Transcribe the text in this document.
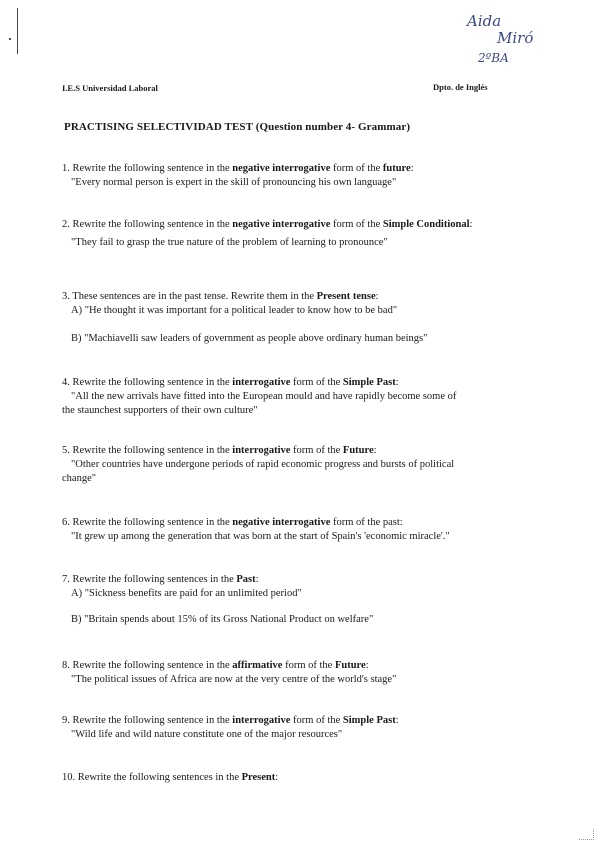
Aida
Miró
2ºBA
I.E.S Universidad Laboral	Dpto. de Inglés
PRACTISING SELECTIVIDAD TEST (Question number 4- Grammar)
1. Rewrite the following sentence in the negative interrogative form of the future:
"Every normal person is expert in the skill of pronouncing his own language"
2. Rewrite the following sentence in the negative interrogative form of the Simple Conditional:
"They fail to grasp the true nature of the problem of learning to pronounce"
3. These sentences are in the past tense. Rewrite them in the Present tense:
A) "He thought it was important for a political leader to know how to be bad"
B) "Machiavelli saw leaders of government as people above ordinary human beings"
4. Rewrite the following sentence in the interrogative form of the Simple Past:
"All the new arrivals have fitted into the European mould and have rapidly become some of
the staunchest supporters of their own culture"
5. Rewrite the following sentence in the interrogative form of the Future:
"Other countries have undergone periods of rapid economic progress and bursts of political
change"
6. Rewrite the following sentence in the negative interrogative form of the past:
"It grew up among the generation that was born at the start of Spain's 'economic miracle'."
7. Rewrite the following sentences in the Past:
A) "Sickness benefits are paid for an unlimited period"
B) "Britain spends about 15% of its Gross National Product on welfare"
8. Rewrite the following sentence in the affirmative form of the Future:
"The political issues of Africa are now at the very centre of the world's stage"
9. Rewrite the following sentence in the interrogative form of the Simple Past:
"Wild life and wild nature constitute one of the major resources"
10. Rewrite the following sentences in the Present:
